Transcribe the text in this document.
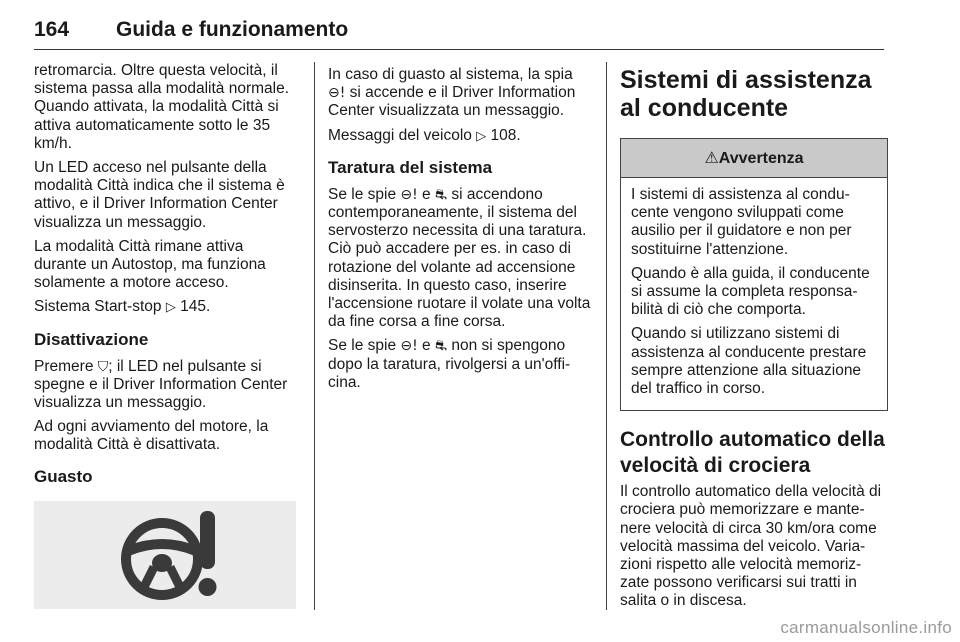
164 Guida e funzionamento

retromarcia. Oltre questa velocità, il sistema passa alla modalità normale. Quando attivata, la modalità Città si attiva automaticamente sotto le 35 km/h.

Un LED acceso nel pulsante della modalità Città indica che il sistema è attivo, e il Driver Information Center visualizza un messaggio.

La modalità Città rimane attiva durante un Autostop, ma funziona solamente a motore acceso.

Sistema Start-stop ▷ 145.

Disattivazione

Premere ⛉; il LED nel pulsante si spegne e il Driver Information Center visualizza un messaggio.

Ad ogni avviamento del motore, la modalità Città è disattivata.

Guasto

In caso di guasto al sistema, la spia ⊖! si accende e il Driver Information Center visualizzata un messaggio.

Messaggi del veicolo ▷ 108.

Taratura del sistema

Se le spie ⊖! e ⛐ si accendono contemporaneamente, il sistema del servosterzo necessita di una taratura. Ciò può accadere per es. in caso di rotazione del volante ad accensione disinserita. In questo caso, inserire l'accensione ruotare il volate una volta da fine corsa a fine corsa.

Se le spie ⊖! e ⛐ non si spengono dopo la taratura, rivolgersi a un'offi-cina.

Sistemi di assistenza al conducente
⚠Avvertenza

I sistemi di assistenza al condu-cente vengono sviluppati come ausilio per il guidatore e non per sostituirne l'attenzione.

Quando è alla guida, il conducente si assume la completa responsa-bilità di ciò che comporta.

Quando si utilizzano sistemi di assistenza al conducente prestare sempre attenzione alla situazione del traffico in corso.

Controllo automatico della velocità di crociera

Il controllo automatico della velocità di crociera può memorizzare e mante-nere velocità di circa 30 km/ora come velocità massima del veicolo. Varia-zioni rispetto alle velocità memoriz-zate possono verificarsi sui tratti in salita o in discesa.

carmanualsonline.info
